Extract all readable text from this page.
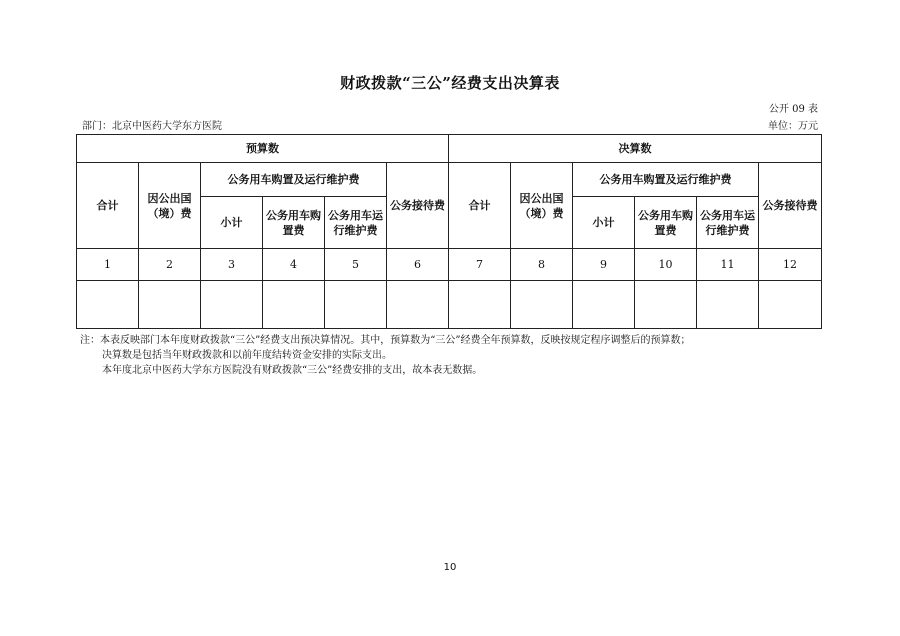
财政拨款“三公”经费支出决算表
公开 09 表
部门：北京中医药大学东方医院	单位：万元
预算数						决算数					
合计	因公出国（境）费	公务用车购置及运行维护费			公务接待费	合计	因公出国（境）费	公务用车购置及运行维护费			公务接待费
		小计	公务用车购置费	公务用车运行维护费				小计	公务用车购置费	公务用车运行维护费	
1	2	3	4	5	6	7	8	9	10	11	12

注：本表反映部门本年度财政拨款“三公”经费支出预决算情况。其中，预算数为“三公”经费全年预算数，反映按规定程序调整后的预算数；

决算数是包括当年财政拨款和以前年度结转资金安排的实际支出。

本年度北京中医药大学东方医院没有财政拨款“三公”经费安排的支出，故本表无数据。

10
